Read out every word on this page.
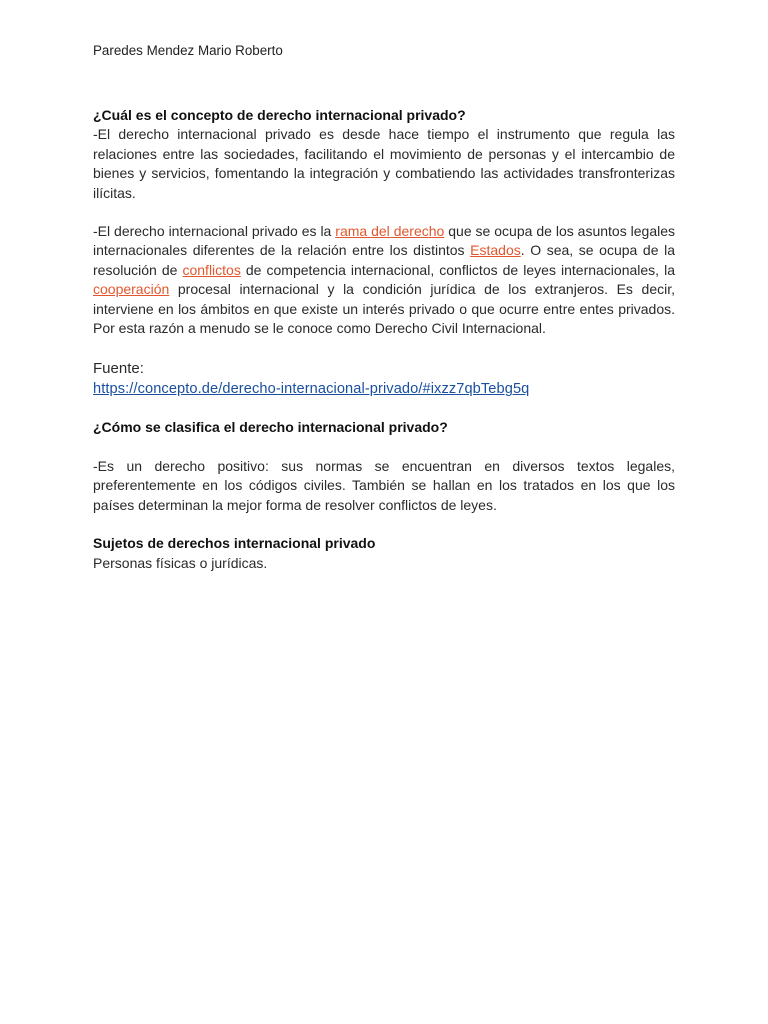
Paredes Mendez Mario Roberto

¿Cuál es el concepto de derecho internacional privado?

-El derecho internacional privado es desde hace tiempo el instrumento que regula las relaciones entre las sociedades, facilitando el movimiento de personas y el intercambio de bienes y servicios, fomentando la integración y combatiendo las actividades transfronterizas ilícitas.

-El derecho internacional privado es la rama del derecho que se ocupa de los asuntos legales internacionales diferentes de la relación entre los distintos Estados. O sea, se ocupa de la resolución de conflictos de competencia internacional, conflictos de leyes internacionales, la cooperación procesal internacional y la condición jurídica de los extranjeros. Es decir, interviene en los ámbitos en que existe un interés privado o que ocurre entre entes privados. Por esta razón a menudo se le conoce como Derecho Civil Internacional.

Fuente:
https://concepto.de/derecho-internacional-privado/#ixzz7qbTebg5q

¿Cómo se clasifica el derecho internacional privado?

-Es un derecho positivo: sus normas se encuentran en diversos textos legales, preferentemente en los códigos civiles. También se hallan en los tratados en los que los países determinan la mejor forma de resolver conflictos de leyes.

Sujetos de derechos internacional privado

Personas físicas o jurídicas.
